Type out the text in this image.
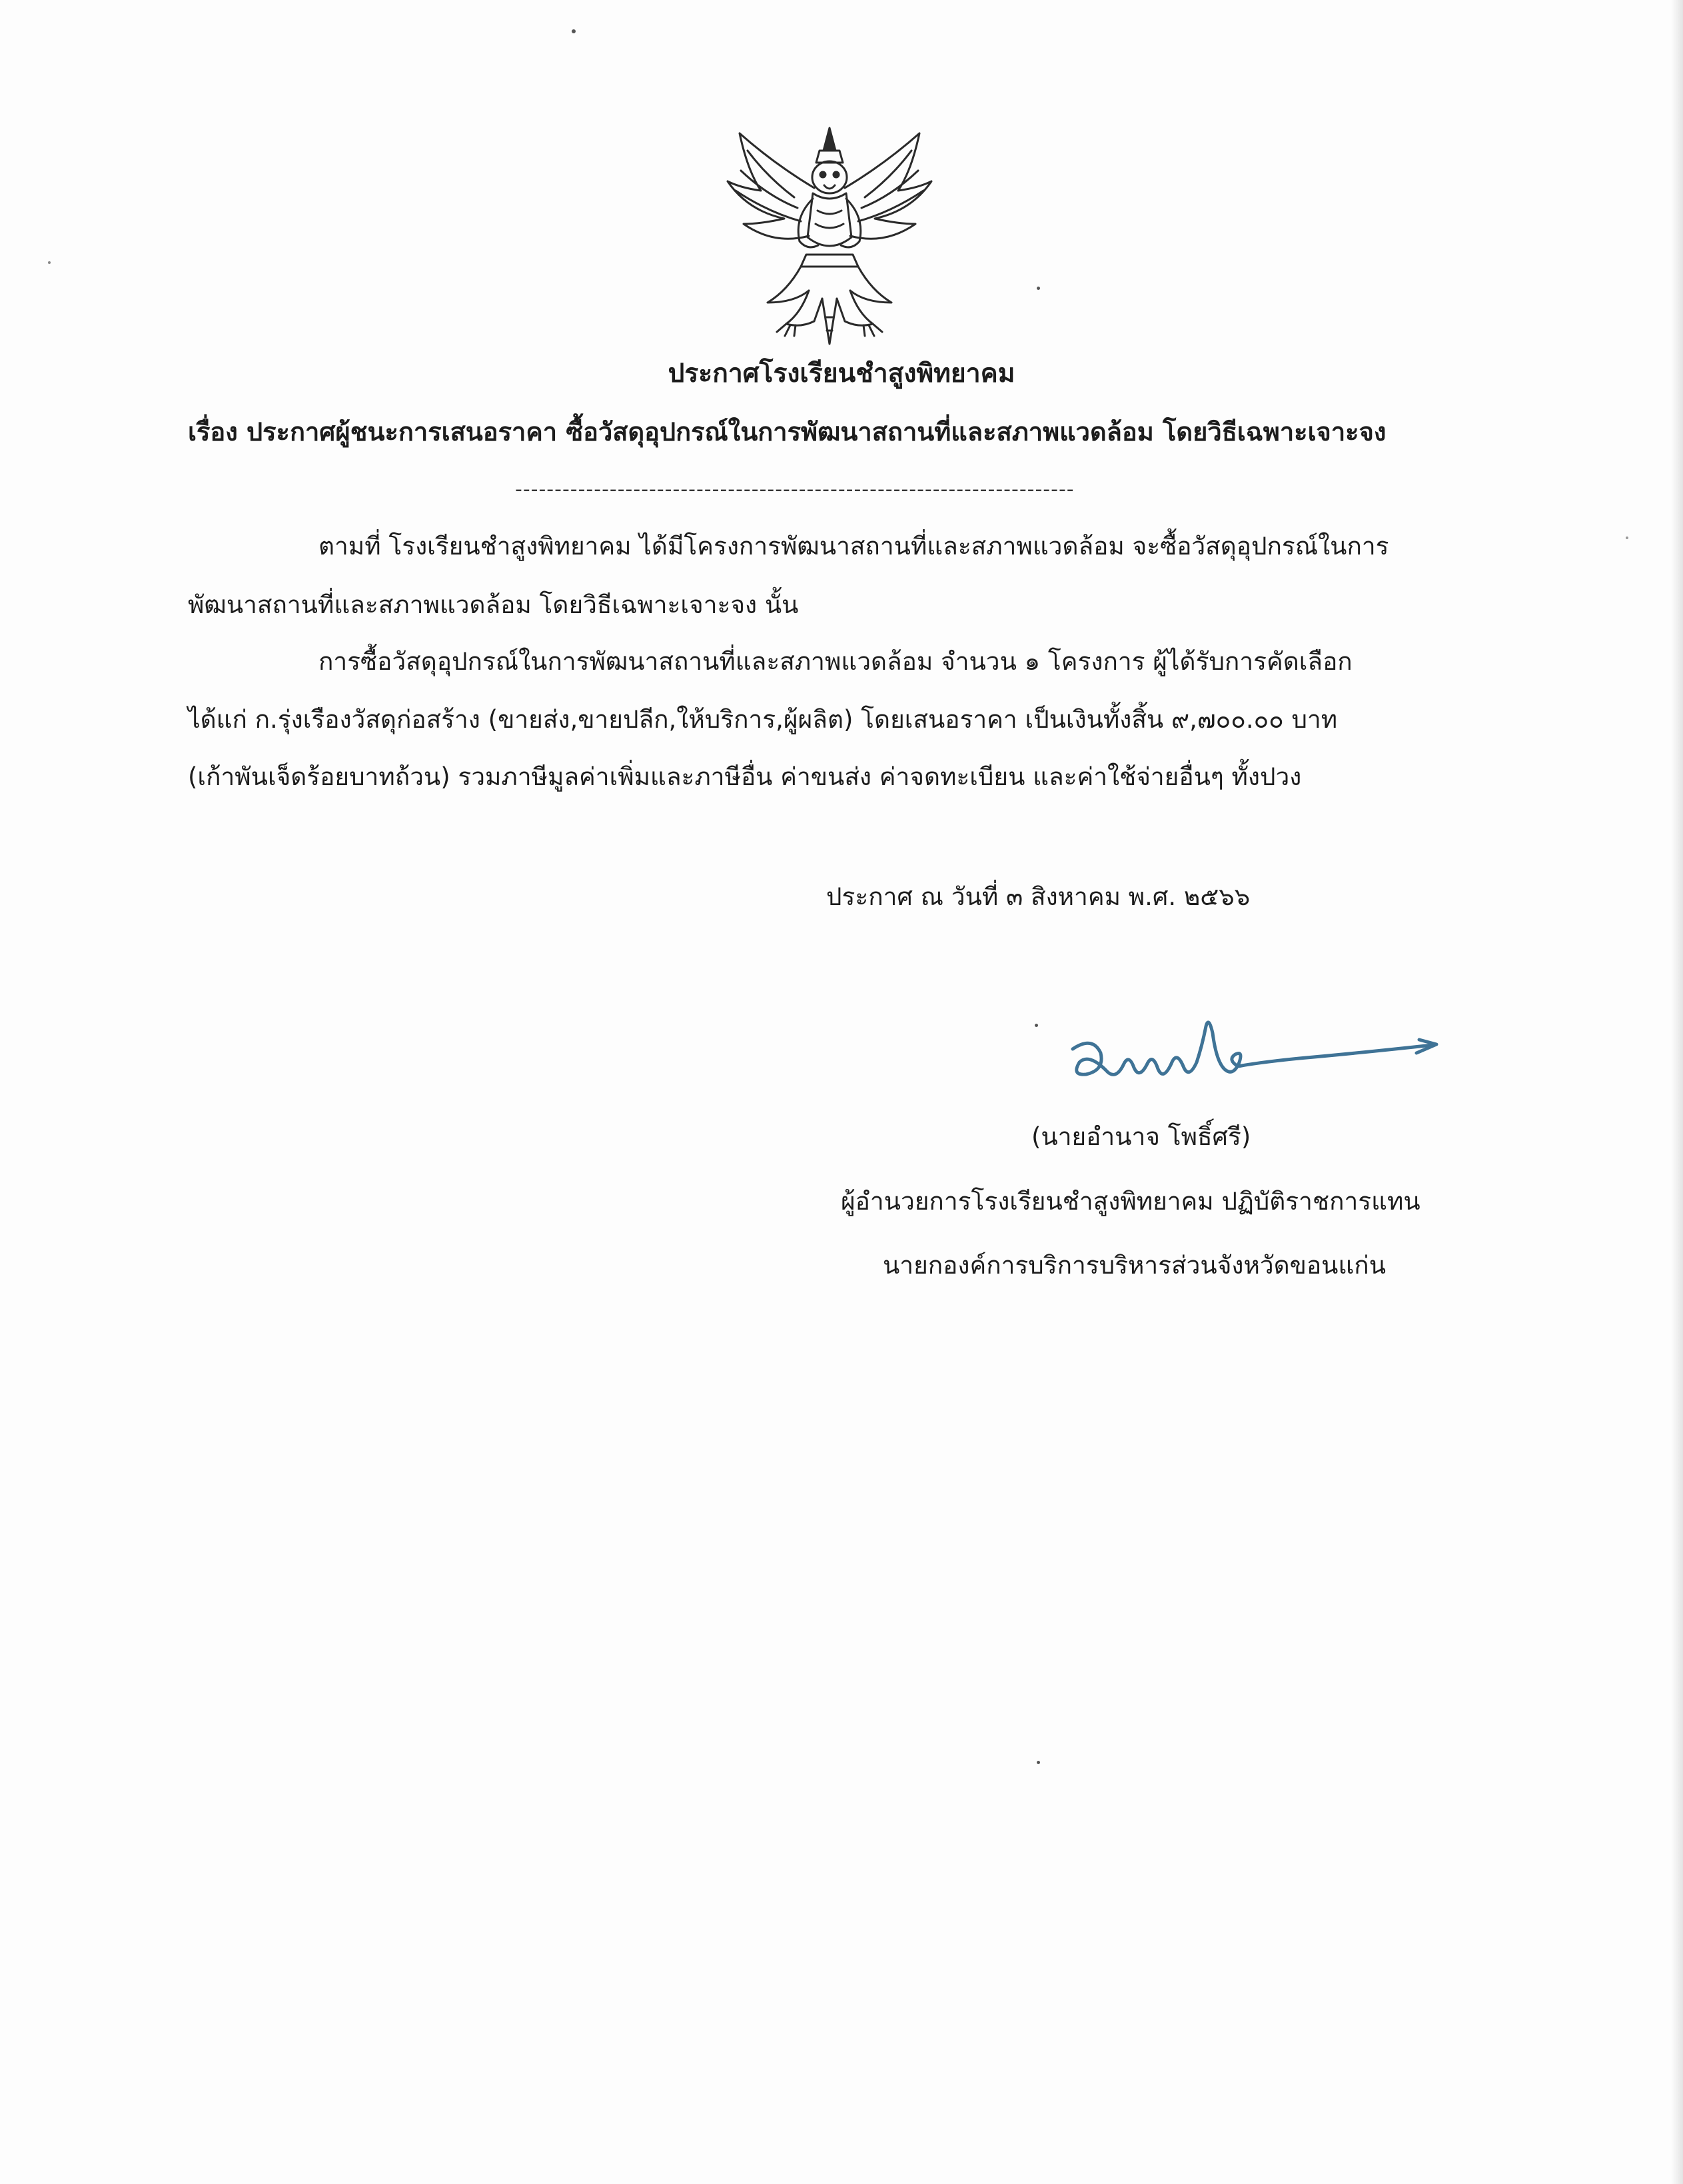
ประกาศโรงเรียนชำสูงพิทยาคม
เรื่อง ประกาศผู้ชนะการเสนอราคา ซื้อวัสดุอุปกรณ์ในการพัฒนาสถานที่และสภาพแวดล้อม โดยวิธีเฉพาะเจาะจง
-----------------------------------------------------------------------
ตามที่ โรงเรียนชำสูงพิทยาคม ได้มีโครงการพัฒนาสถานที่และสภาพแวดล้อม จะซื้อวัสดุอุปกรณ์ในการ
พัฒนาสถานที่และสภาพแวดล้อม โดยวิธีเฉพาะเจาะจง นั้น
การซื้อวัสดุอุปกรณ์ในการพัฒนาสถานที่และสภาพแวดล้อม จำนวน ๑ โครงการ ผู้ได้รับการคัดเลือก
ได้แก่ ก.รุ่งเรืองวัสดุก่อสร้าง (ขายส่ง,ขายปลีก,ให้บริการ,ผู้ผลิต) โดยเสนอราคา เป็นเงินทั้งสิ้น ๙,๗๐๐.๐๐ บาท
(เก้าพันเจ็ดร้อยบาทถ้วน) รวมภาษีมูลค่าเพิ่มและภาษีอื่น ค่าขนส่ง ค่าจดทะเบียน และค่าใช้จ่ายอื่นๆ ทั้งปวง
ประกาศ ณ วันที่ ๓ สิงหาคม พ.ศ. ๒๕๖๖
(นายอำนาจ โพธิ์ศรี)
ผู้อำนวยการโรงเรียนชำสูงพิทยาคม ปฏิบัติราชการแทน
นายกองค์การบริการบริหารส่วนจังหวัดขอนแก่น
